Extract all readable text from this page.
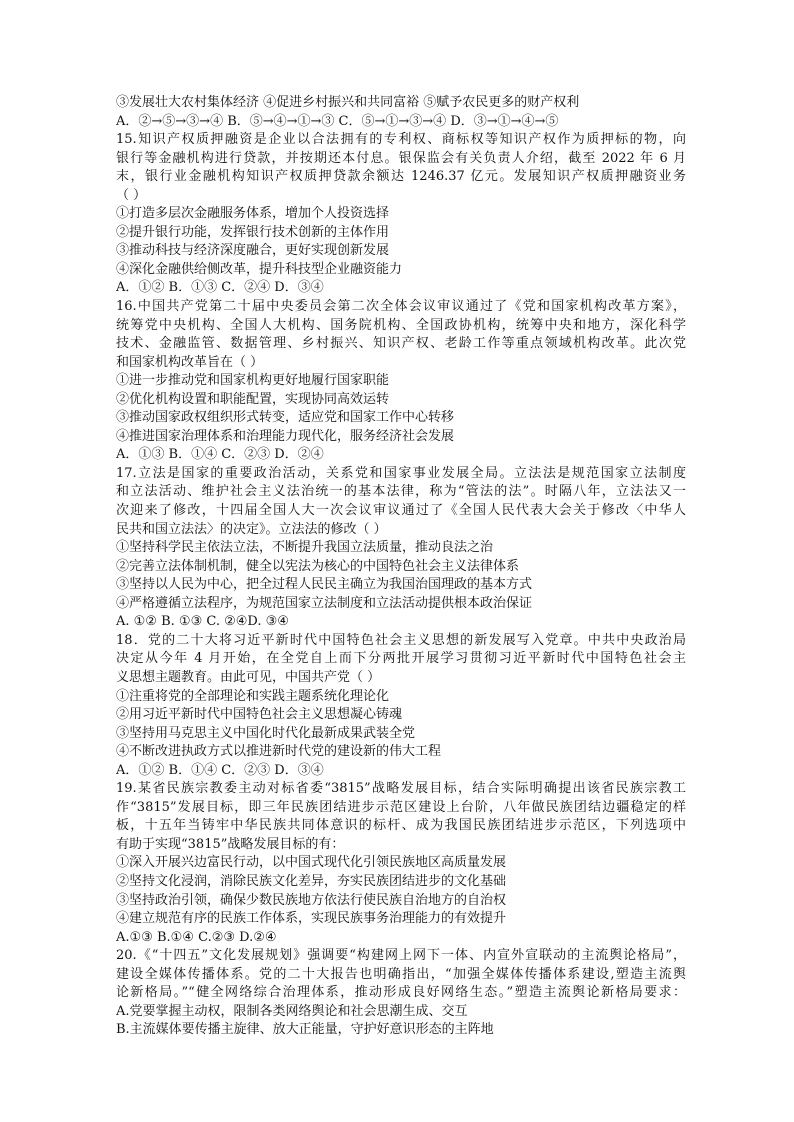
③发展壮大农村集体经济 ④促进乡村振兴和共同富裕 ⑤赋予农民更多的财产权利
A．②→⑤→③→④ B．⑤→④→①→③ C．⑤→①→③→④ D．③→①→④→⑤
15.知识产权质押融资是企业以合法拥有的专利权、商标权等知识产权作为质押标的物，向
银行等金融机构进行贷款，并按期还本付息。银保监会有关负责人介绍，截至 2022 年 6 月
末，银行业金融机构知识产权质押贷款余额达 1246.37 亿元。发展知识产权质押融资业务
（ ）
①打造多层次金融服务体系，增加个人投资选择
②提升银行功能，发挥银行技术创新的主体作用
③推动科技与经济深度融合，更好实现创新发展
④深化金融供给侧改革，提升科技型企业融资能力
A．①② B．①③ C．②④ D．③④
16.中国共产党第二十届中央委员会第二次全体会议审议通过了《党和国家机构改革方案》，
统筹党中央机构、全国人大机构、国务院机构、全国政协机构，统筹中央和地方，深化科学
技术、金融监管、数据管理、乡村振兴、知识产权、老龄工作等重点领域机构改革。此次党
和国家机构改革旨在（ ）
①进一步推动党和国家机构更好地履行国家职能
②优化机构设置和职能配置，实现协同高效运转
③推动国家政权组织形式转变，适应党和国家工作中心转移
④推进国家治理体系和治理能力现代化，服务经济社会发展
A．①③ B．①④ C．②③ D．②④
17.立法是国家的重要政治活动，关系党和国家事业发展全局。立法法是规范国家立法制度
和立法活动、维护社会主义法治统一的基本法律，称为“管法的法”。时隔八年，立法法又一
次迎来了修改，十四届全国人大一次会议审议通过了《全国人民代表大会关于修改〈中华人
民共和国立法法〉的决定》。立法法的修改（ ）
①坚持科学民主依法立法，不断提升我国立法质量，推动良法之治
②完善立法体制机制，健全以宪法为核心的中国特色社会主义法律体系
③坚持以人民为中心，把全过程人民民主确立为我国治国理政的基本方式
④严格遵循立法程序，为规范国家立法制度和立法活动提供根本政治保证
A. ①② B. ①③ C. ②④D. ③④
18．党的二十大将习近平新时代中国特色社会主义思想的新发展写入党章。中共中央政治局
决定从今年 4 月开始，在全党自上而下分两批开展学习贯彻习近平新时代中国特色社会主
义思想主题教育。由此可见，中国共产党（ ）
①注重将党的全部理论和实践主题系统化理论化
②用习近平新时代中国特色社会主义思想凝心铸魂
③坚持用马克思主义中国化时代化最新成果武装全党
④不断改进执政方式以推进新时代党的建设新的伟大工程
A．①② B．①④ C．②③ D．③④
19.某省民族宗教委主动对标省委“3815”战略发展目标，结合实际明确提出该省民族宗教工
作“3815”发展目标，即三年民族团结进步示范区建设上台阶，八年做民族团结边疆稳定的样
板，十五年当铸牢中华民族共同体意识的标杆、成为我国民族团结进步示范区，下列选项中
有助于实现“3815”战略发展目标的有：
①深入开展兴边富民行动，以中国式现代化引领民族地区高质量发展
②坚持文化浸润，消除民族文化差异，夯实民族团结进步的文化基础
③坚持政治引领，确保少数民族地方依法行使民族自治地方的自治权
④建立规范有序的民族工作体系，实现民族事务治理能力的有效提升
A.①③ B.①④ C.②③ D.②④
20.《“十四五”文化发展规划》强调要“构建网上网下一体、内宣外宣联动的主流舆论格局”，
建设全媒体传播体系。党的二十大报告也明确指出，“加强全媒体传播体系建设,塑造主流舆
论新格局。”“健全网络综合治理体系，推动形成良好网络生态。”塑造主流舆论新格局要求：
A.党要掌握主动权，限制各类网络舆论和社会思潮生成、交互
B.主流媒体要传播主旋律、放大正能量，守护好意识形态的主阵地
